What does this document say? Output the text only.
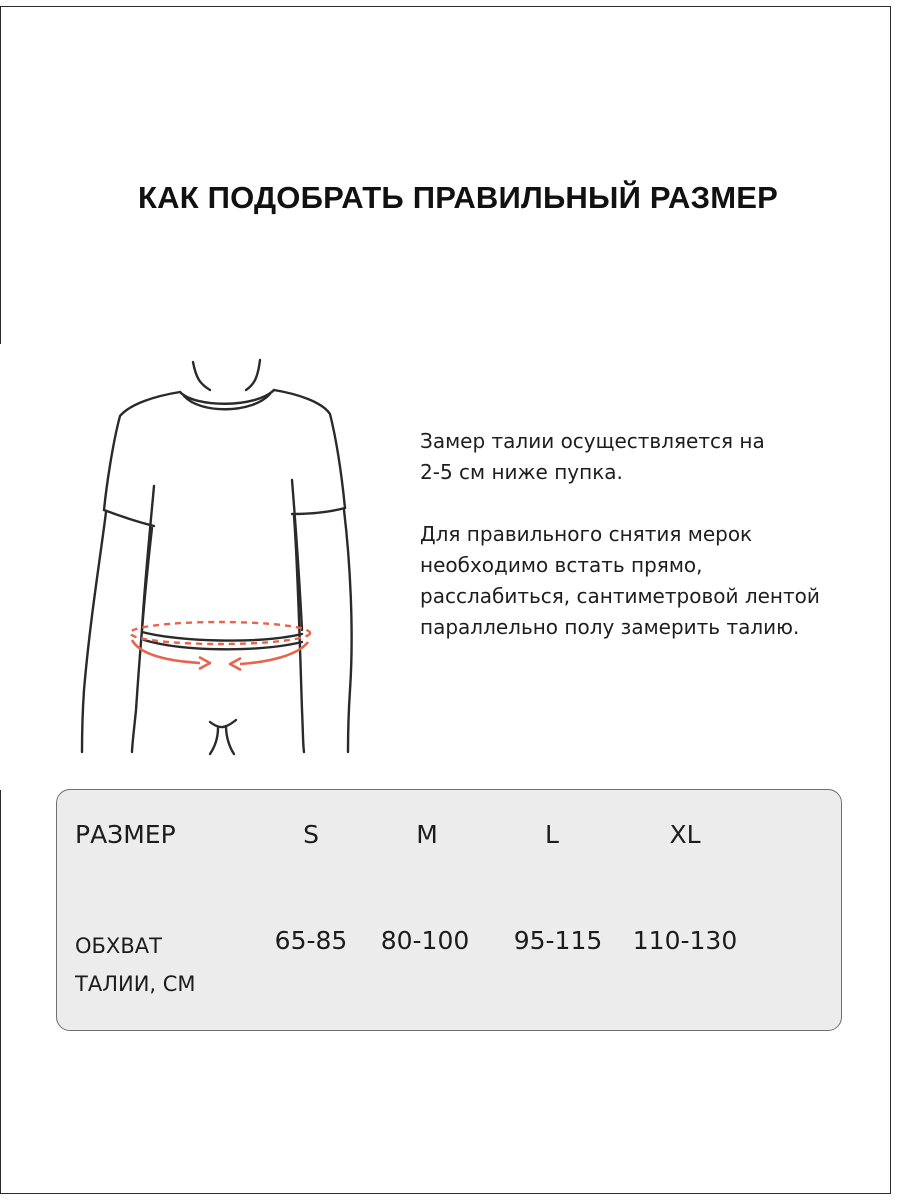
КАК ПОДОБРАТЬ ПРАВИЛЬНЫЙ РАЗМЕР

Замер талии осуществляется на
2-5 см ниже пупка.

Для правильного снятия мерок
необходимо встать прямо,
расслабиться, сантиметровой лентой
параллельно полу замерить талию.

РАЗМЕР	S	M	L	XL
ОБХВАТ
ТАЛИИ, СМ
65-85	80-100	95-115	110-130
